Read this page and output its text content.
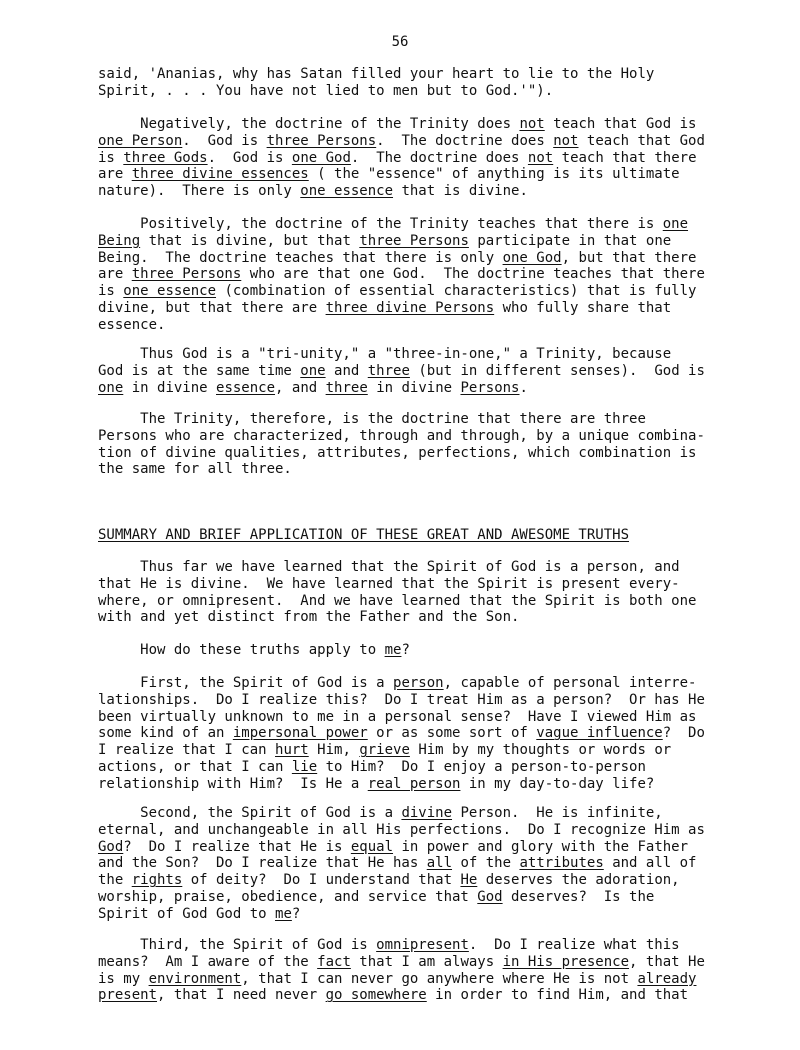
56

said, 'Ananias, why has Satan filled your heart to lie to the Holy
Spirit, . . . You have not lied to men but to God.'").

Negatively, the doctrine of the Trinity does not teach that God is
one Person.  God is three Persons.  The doctrine does not teach that God
is three Gods.  God is one God.  The doctrine does not teach that there
are three divine essences ( the "essence" of anything is its ultimate
nature).  There is only one essence that is divine.

Positively, the doctrine of the Trinity teaches that there is one
Being that is divine, but that three Persons participate in that one
Being.  The doctrine teaches that there is only one God, but that there
are three Persons who are that one God.  The doctrine teaches that there
is one essence (combination of essential characteristics) that is fully
divine, but that there are three divine Persons who fully share that
essence.

Thus God is a "tri-unity," a "three-in-one," a Trinity, because
God is at the same time one and three (but in different senses).  God is
one in divine essence, and three in divine Persons.

The Trinity, therefore, is the doctrine that there are three
Persons who are characterized, through and through, by a unique combina-
tion of divine qualities, attributes, perfections, which combination is
the same for all three.

SUMMARY AND BRIEF APPLICATION OF THESE GREAT AND AWESOME TRUTHS

Thus far we have learned that the Spirit of God is a person, and
that He is divine.  We have learned that the Spirit is present every-
where, or omnipresent.  And we have learned that the Spirit is both one
with and yet distinct from the Father and the Son.

How do these truths apply to me?

First, the Spirit of God is a person, capable of personal interre-
lationships.  Do I realize this?  Do I treat Him as a person?  Or has He
been virtually unknown to me in a personal sense?  Have I viewed Him as
some kind of an impersonal power or as some sort of vague influence?  Do
I realize that I can hurt Him, grieve Him by my thoughts or words or
actions, or that I can lie to Him?  Do I enjoy a person-to-person
relationship with Him?  Is He a real person in my day-to-day life?

Second, the Spirit of God is a divine Person.  He is infinite,
eternal, and unchangeable in all His perfections.  Do I recognize Him as
God?  Do I realize that He is equal in power and glory with the Father
and the Son?  Do I realize that He has all of the attributes and all of
the rights of deity?  Do I understand that He deserves the adoration,
worship, praise, obedience, and service that God deserves?  Is the
Spirit of God God to me?

Third, the Spirit of God is omnipresent.  Do I realize what this
means?  Am I aware of the fact that I am always in His presence, that He
is my environment, that I can never go anywhere where He is not already
present, that I need never go somewhere in order to find Him, and that
